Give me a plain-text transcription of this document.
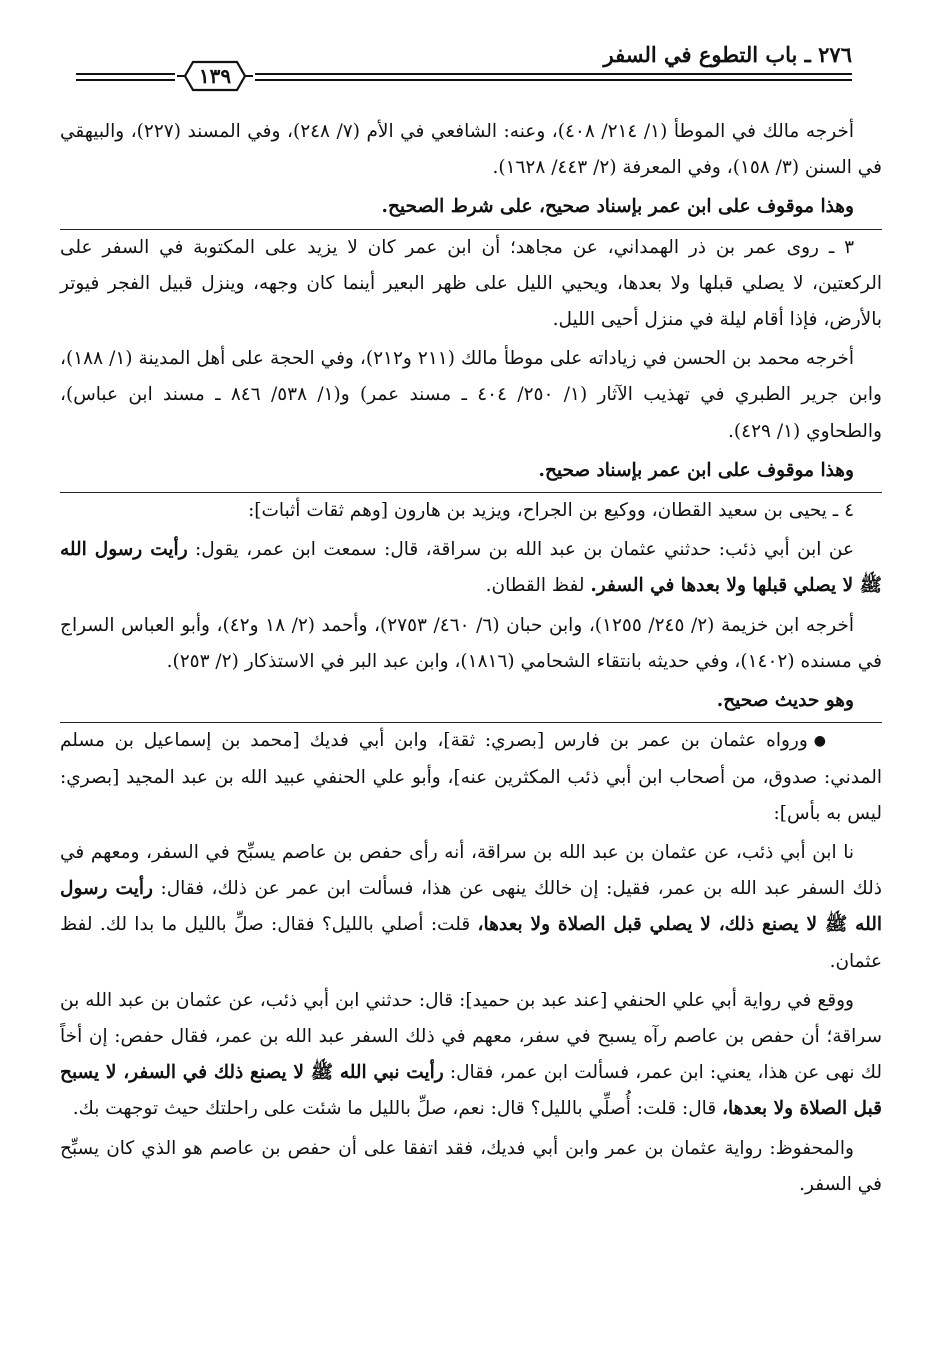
٢٧٦ ـ باب التطوع في السفر
١٣٩

أخرجه مالك في الموطأ (١/ ٢١٤/ ٤٠٨)، وعنه: الشافعي في الأم (٧/ ٢٤٨)، وفي المسند (٢٢٧)، والبيهقي في السنن (٣/ ١٥٨)، وفي المعرفة (٢/ ٤٤٣/ ١٦٢٨).

وهذا موقوف على ابن عمر بإسناد صحيح، على شرط الصحيح.

٣ ـ روى عمر بن ذر الهمداني، عن مجاهد؛ أن ابن عمر كان لا يزيد على المكتوبة في السفر على الركعتين، لا يصلي قبلها ولا بعدها، ويحيي الليل على ظهر البعير أينما كان وجهه، وينزل قبيل الفجر فيوتر بالأرض، فإذا أقام ليلة في منزل أحيى الليل.

أخرجه محمد بن الحسن في زياداته على موطأ مالك (٢١١ و٢١٢)، وفي الحجة على أهل المدينة (١/ ١٨٨)، وابن جرير الطبري في تهذيب الآثار (١/ ٢٥٠/ ٤٠٤ ـ مسند عمر) و(١/ ٥٣٨/ ٨٤٦ ـ مسند ابن عباس)، والطحاوي (١/ ٤٢٩).

وهذا موقوف على ابن عمر بإسناد صحيح.

٤ ـ يحيى بن سعيد القطان، ووكيع بن الجراح، ويزيد بن هارون [وهم ثقات أثبات]:

عن ابن أبي ذئب: حدثني عثمان بن عبد الله بن سراقة، قال: سمعت ابن عمر، يقول: رأيت رسول الله ﷺ لا يصلي قبلها ولا بعدها في السفر. لفظ القطان.

أخرجه ابن خزيمة (٢/ ٢٤٥/ ١٢٥٥)، وابن حبان (٦/ ٤٦٠/ ٢٧٥٣)، وأحمد (٢/ ١٨ و٤٢)، وأبو العباس السراج في مسنده (١٤٠٢)، وفي حديثه بانتقاء الشحامي (١٨١٦)، وابن عبد البر في الاستذكار (٢/ ٢٥٣).

وهو حديث صحيح.

●ورواه عثمان بن عمر بن فارس [بصري: ثقة]، وابن أبي فديك [محمد بن إسماعيل بن مسلم المدني: صدوق، من أصحاب ابن أبي ذئب المكثرين عنه]، وأبو علي الحنفي عبيد الله بن عبد المجيد [بصري: ليس به بأس]:

نا ابن أبي ذئب، عن عثمان بن عبد الله بن سراقة، أنه رأى حفص بن عاصم يسبِّح في السفر، ومعهم في ذلك السفر عبد الله بن عمر، فقيل: إن خالك ينهى عن هذا، فسألت ابن عمر عن ذلك، فقال: رأيت رسول الله ﷺ لا يصنع ذلك، لا يصلي قبل الصلاة ولا بعدها، قلت: أصلي بالليل؟ فقال: صلِّ بالليل ما بدا لك. لفظ عثمان.

ووقع في رواية أبي علي الحنفي [عند عبد بن حميد]: قال: حدثني ابن أبي ذئب، عن عثمان بن عبد الله بن سراقة؛ أن حفص بن عاصم رآه يسبح في سفر، معهم في ذلك السفر عبد الله بن عمر، فقال حفص: إن أخاً لك نهى عن هذا، يعني: ابن عمر، فسألت ابن عمر، فقال: رأيت نبي الله ﷺ لا يصنع ذلك في السفر، لا يسبح قبل الصلاة ولا بعدها، قال: قلت: أُصلِّي بالليل؟ قال: نعم، صلِّ بالليل ما شئت على راحلتك حيث توجهت بك.

والمحفوظ: رواية عثمان بن عمر وابن أبي فديك، فقد اتفقا على أن حفص بن عاصم هو الذي كان يسبِّح في السفر.
